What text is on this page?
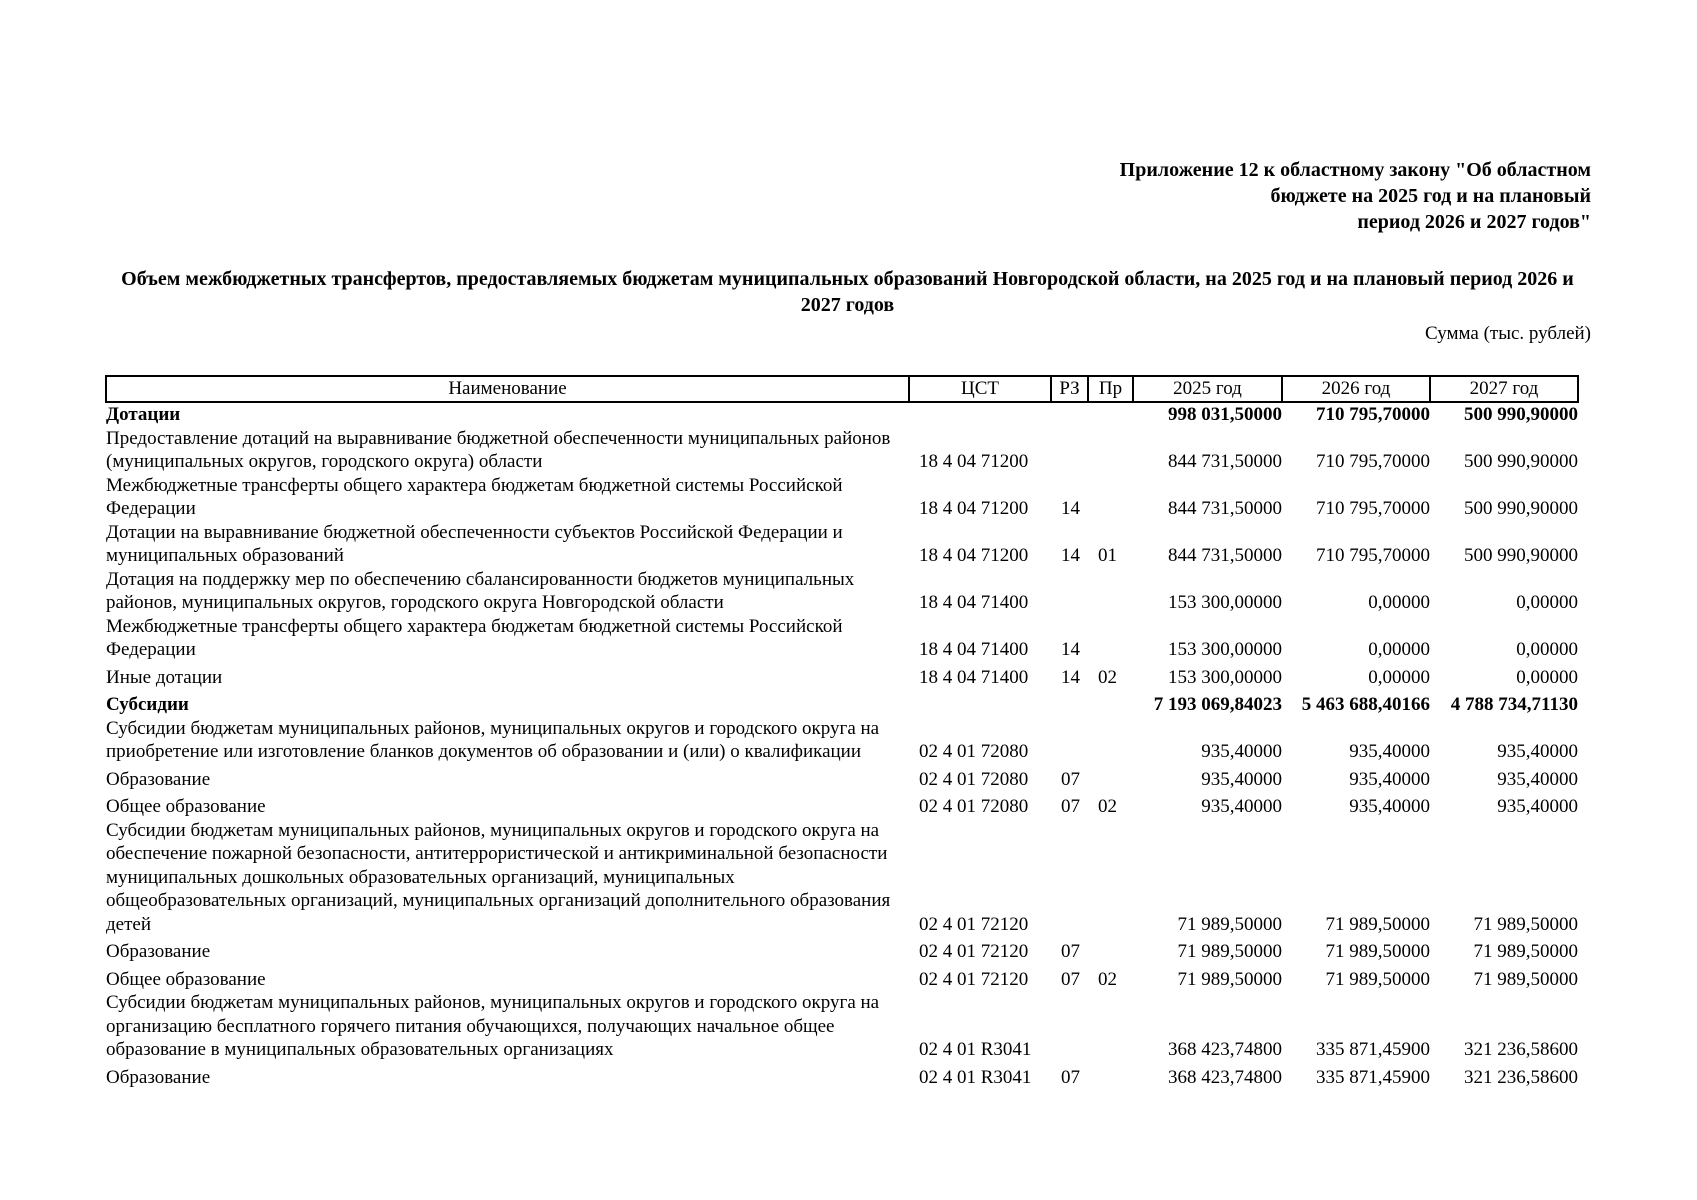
Приложение 12 к областному закону "Об областном
бюджете на 2025 год и на плановый
период 2026 и 2027 годов"
Объем межбюджетных трансфертов, предоставляемых бюджетам муниципальных образований Новгородской области, на 2025 год и на плановый период 2026 и 2027 годов
Сумма (тыс. рублей)
Наименование	ЦСТ	РЗ	Пр	2025 год	2026 год	2027 год
Дотации				998 031,50000	710 795,70000	500 990,90000
Предоставление дотаций на выравнивание бюджетной обеспеченности муниципальных районов (муниципальных округов, городского округа) области	18 4 04 71200			844 731,50000	710 795,70000	500 990,90000
Межбюджетные трансферты общего характера бюджетам бюджетной системы Российской Федерации	18 4 04 71200	14		844 731,50000	710 795,70000	500 990,90000
Дотации на выравнивание бюджетной обеспеченности субъектов Российской Федерации и муниципальных образований	18 4 04 71200	14	01	844 731,50000	710 795,70000	500 990,90000
Дотация на поддержку мер по обеспечению сбалансированности бюджетов муниципальных районов, муниципальных округов, городского округа Новгородской области	18 4 04 71400			153 300,00000	0,00000	0,00000
Межбюджетные трансферты общего характера бюджетам бюджетной системы Российской Федерации	18 4 04 71400	14		153 300,00000	0,00000	0,00000
Иные дотации	18 4 04 71400	14	02	153 300,00000	0,00000	0,00000
Субсидии				7 193 069,84023	5 463 688,40166	4 788 734,71130
Субсидии бюджетам муниципальных районов, муниципальных округов и городского округа на приобретение или изготовление бланков документов об образовании и (или) о квалификации	02 4 01 72080			935,40000	935,40000	935,40000
Образование	02 4 01 72080	07		935,40000	935,40000	935,40000
Общее образование	02 4 01 72080	07	02	935,40000	935,40000	935,40000
Субсидии бюджетам муниципальных районов, муниципальных округов и городского округа на обеспечение пожарной безопасности, антитеррористической и антикриминальной безопасности муниципальных дошкольных образовательных организаций, муниципальных общеобразовательных организаций, муниципальных организаций дополнительного образования детей	02 4 01 72120			71 989,50000	71 989,50000	71 989,50000
Образование	02 4 01 72120	07		71 989,50000	71 989,50000	71 989,50000
Общее образование	02 4 01 72120	07	02	71 989,50000	71 989,50000	71 989,50000
Субсидии бюджетам муниципальных районов, муниципальных округов и городского округа на организацию бесплатного горячего питания обучающихся, получающих начальное общее образование в муниципальных образовательных организациях	02 4 01 R3041			368 423,74800	335 871,45900	321 236,58600
Образование	02 4 01 R3041	07		368 423,74800	335 871,45900	321 236,58600
